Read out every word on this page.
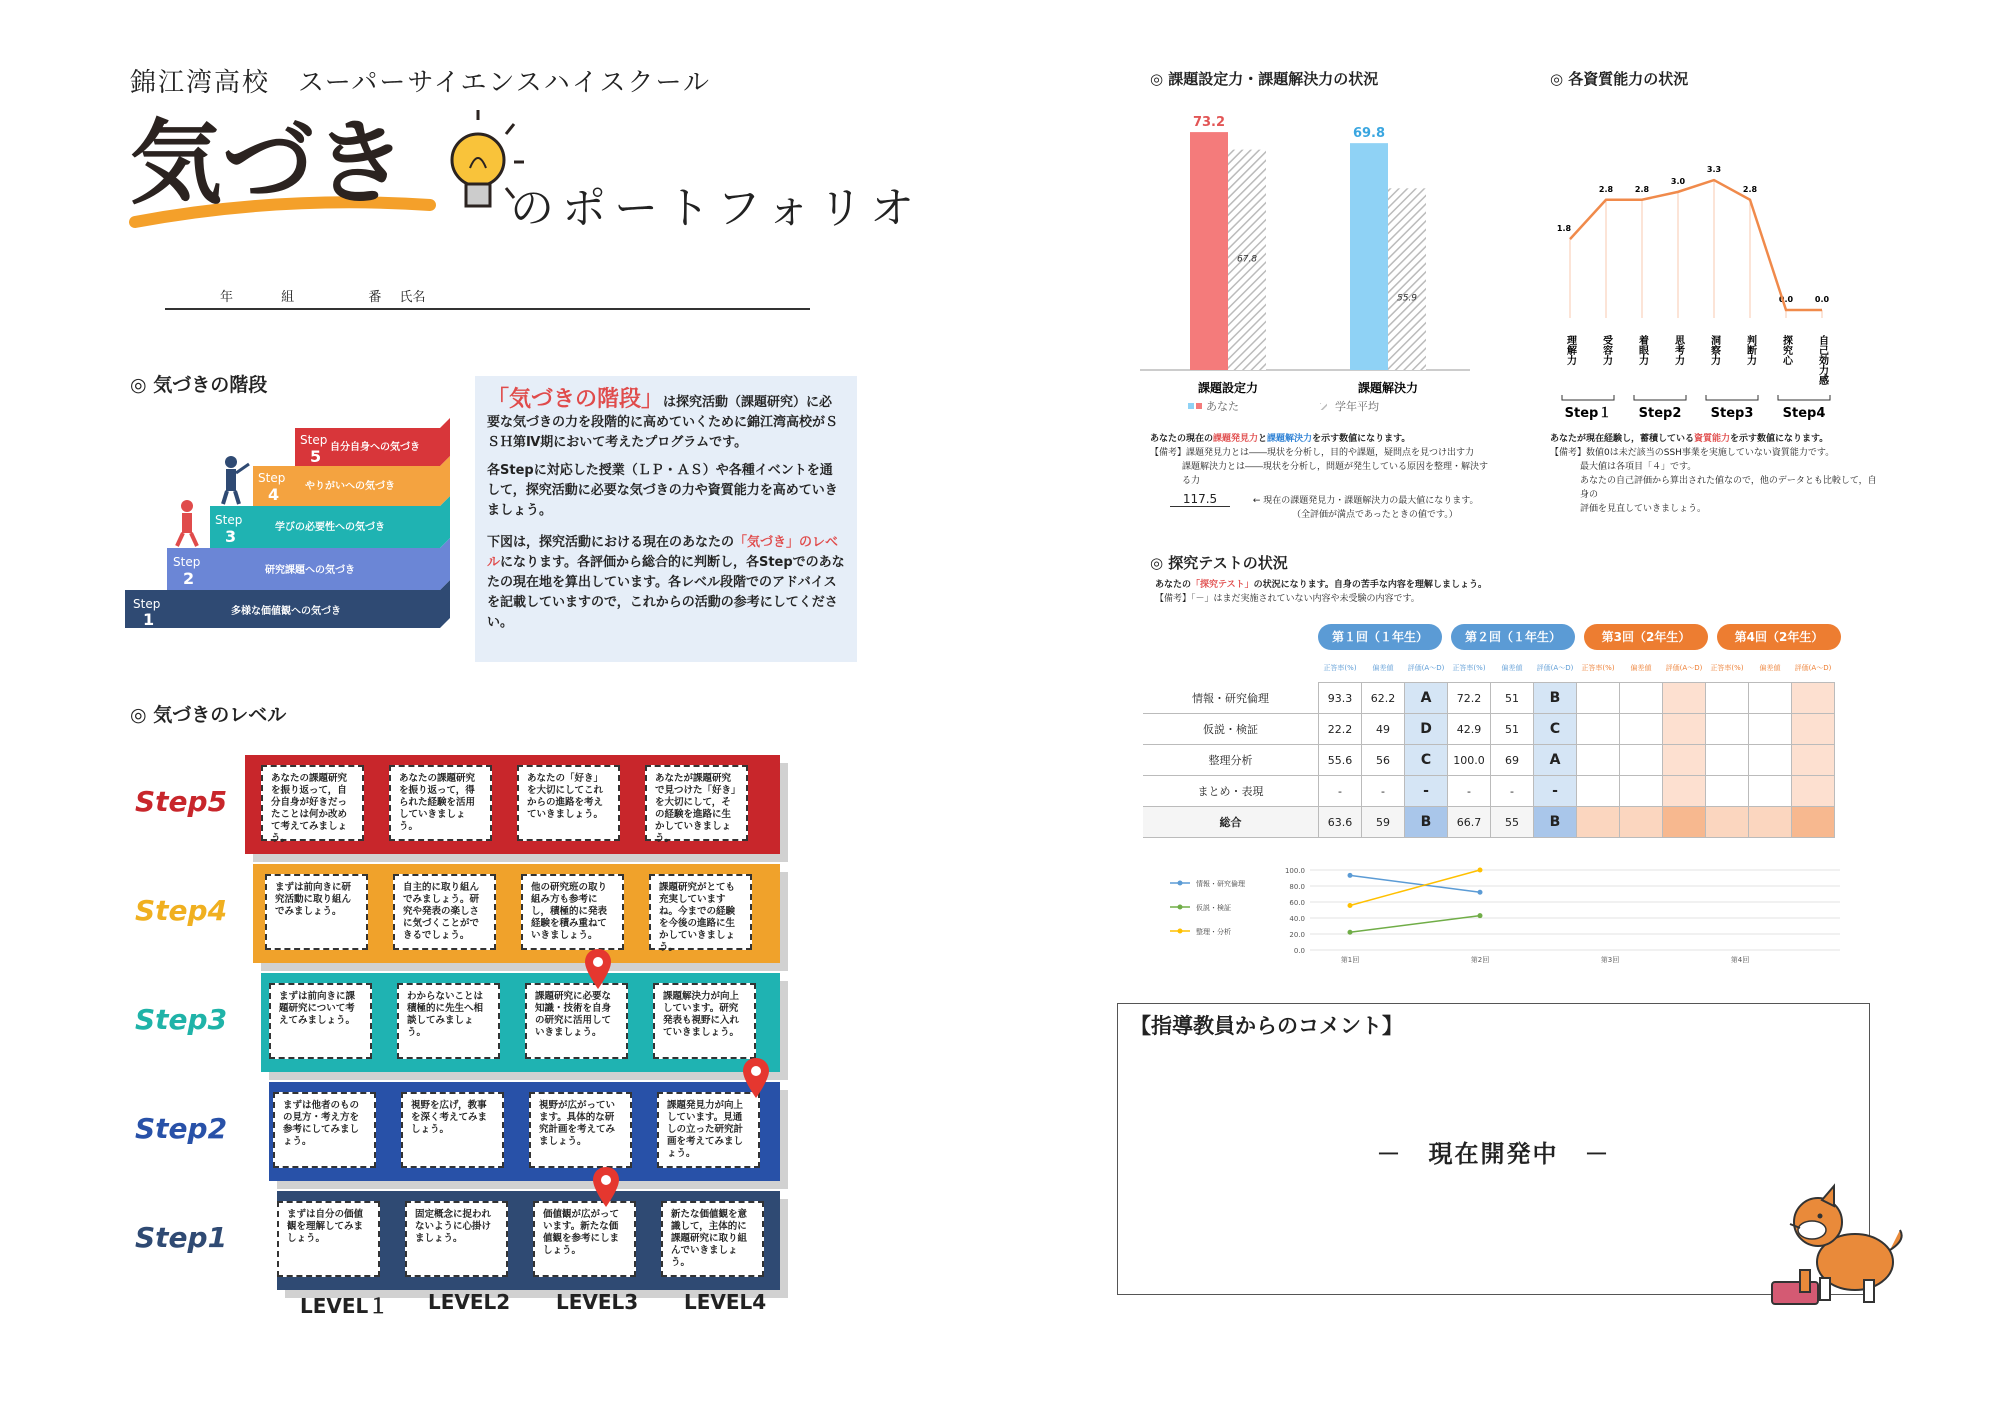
錦江湾高校　スーパーサイエンスハイスクール
気づき のポートフォリオ
年	組	番 氏名
◎ 気づきの階段
Step
1	多様な価値観への気づき
Step
2	研究課題への気づき
Step
3	学びの必要性への気づき
Step
4	やりがいへの気づき
Step
5 自分自身への気づき

「気づきの階段」は探究活動（課題研究）に必要な気づきの力を段階的に高めていくために錦江湾高校がＳＳＨ第Ⅳ期において考えたプログラムです。

各Stepに対応した授業（ＬＰ・ＡＳ）や各種イベントを通して，探究活動に必要な気づきの力や資質能力を高めていきましょう。

下図は，探究活動における現在のあなたの「気づき」のレベルになります。各評価から総合的に判断し，各Stepでのあなたの現在地を算出しています。各レベル段階でのアドバイスを記載していますので，これからの活動の参考にしてください。

◎ 気づきのレベル
Step5
あなたの課題研究を振り返って，自分自身が好きだったことは何か改めて考えてみましょう。
あなたの課題研究を振り返って，得られた経験を活用していきましょう。
あなたの「好き」を大切にしてこれからの進路を考えていきましょう。
あなたが課題研究で見つけた「好き」を大切にして，その経験を進路に生かしていきましょう。
Step4
まずは前向きに研究活動に取り組んでみましょう。
自主的に取り組んでみましょう。研究や発表の楽しさに気づくことができるでしょう。
他の研究班の取り組み方も参考にし，積極的に発表経験を積み重ねていきましょう。
課題研究がとても充実していますね。今までの経験を今後の進路に生かしていきましょう。
Step3
まずは前向きに課題研究について考えてみましょう。
わからないことは積極的に先生へ相談してみましょう。
課題研究に必要な知識・技術を自身の研究に活用していきましょう。
課題解決力が向上しています。研究発表も視野に入れていきましょう。
Step2
まずは他者のものの見方・考え方を参考にしてみましょう。
視野を広げ，教事を深く考えてみましょう。
視野が広がっています。具体的な研究計画を考えてみましょう。
課題発見力が向上しています。見通しの立った研究計画を考えてみましょう。
Step1
まずは自分の価値観を理解してみましょう。
固定概念に捉われないように心掛けましょう。
価値観が広がっています。新たな価値観を参考にしましょう。
新たな価値観を意識して，主体的に課題研究に取り組んでいきましょう。
LEVEL１ LEVEL2 LEVEL3 LEVEL4
◎ 課題設定力・課題解決力の状況
73.2
67.8
課題設定力
69.8
55.9
課題解決力
あなた	学年平均
あなたの現在の課題発見力と課題解決力を示す数値になります。
【備考】課題発見力とは――現状を分析し，目的や課題，疑問点を見つけ出す力
課題解決力とは――現状を分析し，問題が発生している原因を整理・解決する力
117.5	← 現在の課題発見力・課題解決力の最大値になります。
（全評価が満点であったときの値です。）
◎ 各資質能力の状況
1.8
理解力
2.8
受容力
2.8
着眼力
3.0
思考力
3.3
洞察力
2.8
判断力
0.0
探究心
0.0
自己効力感
Step１ Step2 Step3 Step4
あなたが現在経験し，蓄積している資質能力を示す数値になります。
【備考】数値0は未だ該当のSSH事業を実施していない資質能力です。
最大値は各項目「４」です。
あなたの自己評価から算出された値なので，他のデータとも比較して，自身の
評価を見直していきましょう。
◎ 探究テストの状況
あなたの「探究テスト」の状況になります。自身の苦手な内容を理解しましょう。
【備考】「－」はまだ実施されていない内容や未受験の内容です。
第１回（１年生）	第２回（１年生）	第3回（2年生）	第4回（2年生）
	正答率(%)	偏差値	評価(A〜D)	正答率(%)	偏差値	評価(A〜D)	正答率(%)	偏差値	評価(A〜D)	正答率(%)	偏差値	評価(A〜D)
情報・研究倫理	93.3	62.2	A	72.2	51	B						
仮説・検証	22.2	49	D	42.9	51	C						
整理分析	55.6	56	C	100.0	69	A						
まとめ・表現	-	-	-	-	-	-						
総合	63.6	59	B	66.7	55	B						
100.0
80.0
60.0
40.0
20.0
0.0
第1回	第2回	第3回	第4回
情報・研究倫理
仮説・検証
整理・分析
【指導教員からのコメント】
－　現在開発中　－
